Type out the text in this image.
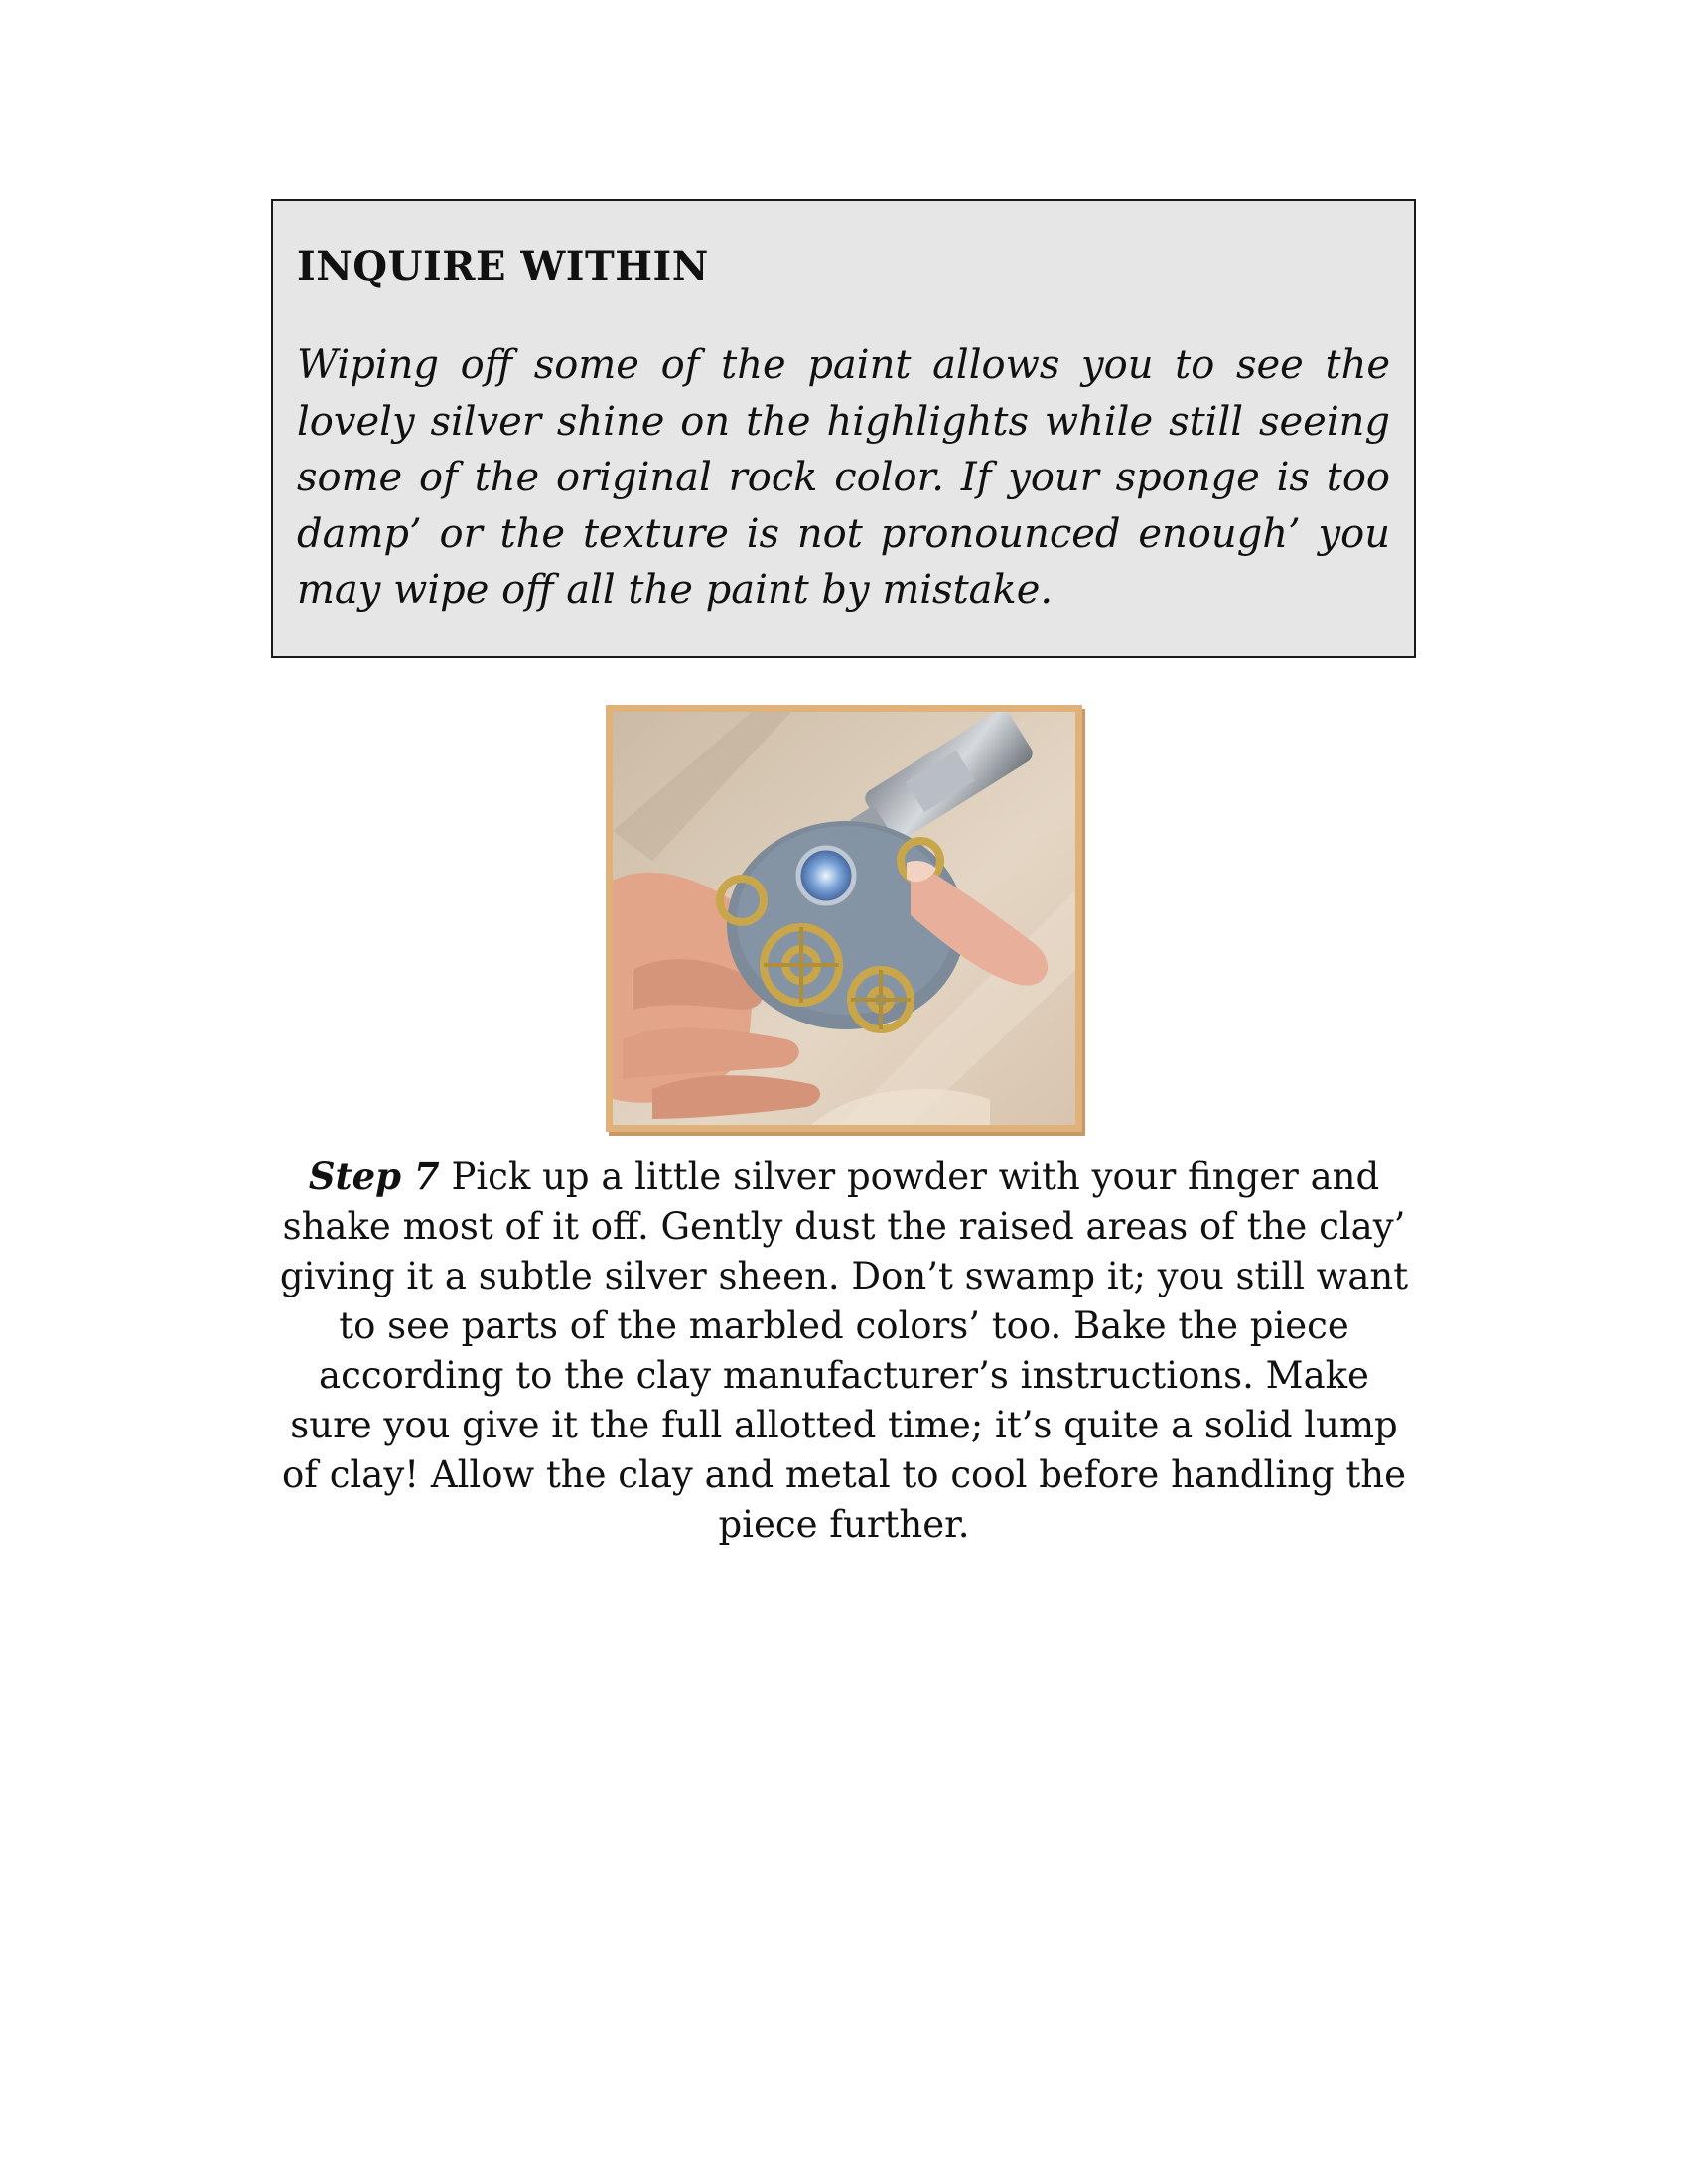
INQUIRE WITHIN

Wiping off some of the paint allows you to see the lovely silver shine on the highlights while still seeing some of the original rock color. If your sponge is too damp’ or the texture is not pronounced enough’ you may wipe off all the paint by mistake.

Step 7 Pick up a little silver powder with your finger and shake most of it off. Gently dust the raised areas of the clay’ giving it a subtle silver sheen. Don’t swamp it; you still want to see parts of the marbled colors’ too. Bake the piece according to the clay manufacturer’s instructions. Make sure you give it the full allotted time; it’s quite a solid lump of clay! Allow the clay and metal to cool before handling the piece further.
